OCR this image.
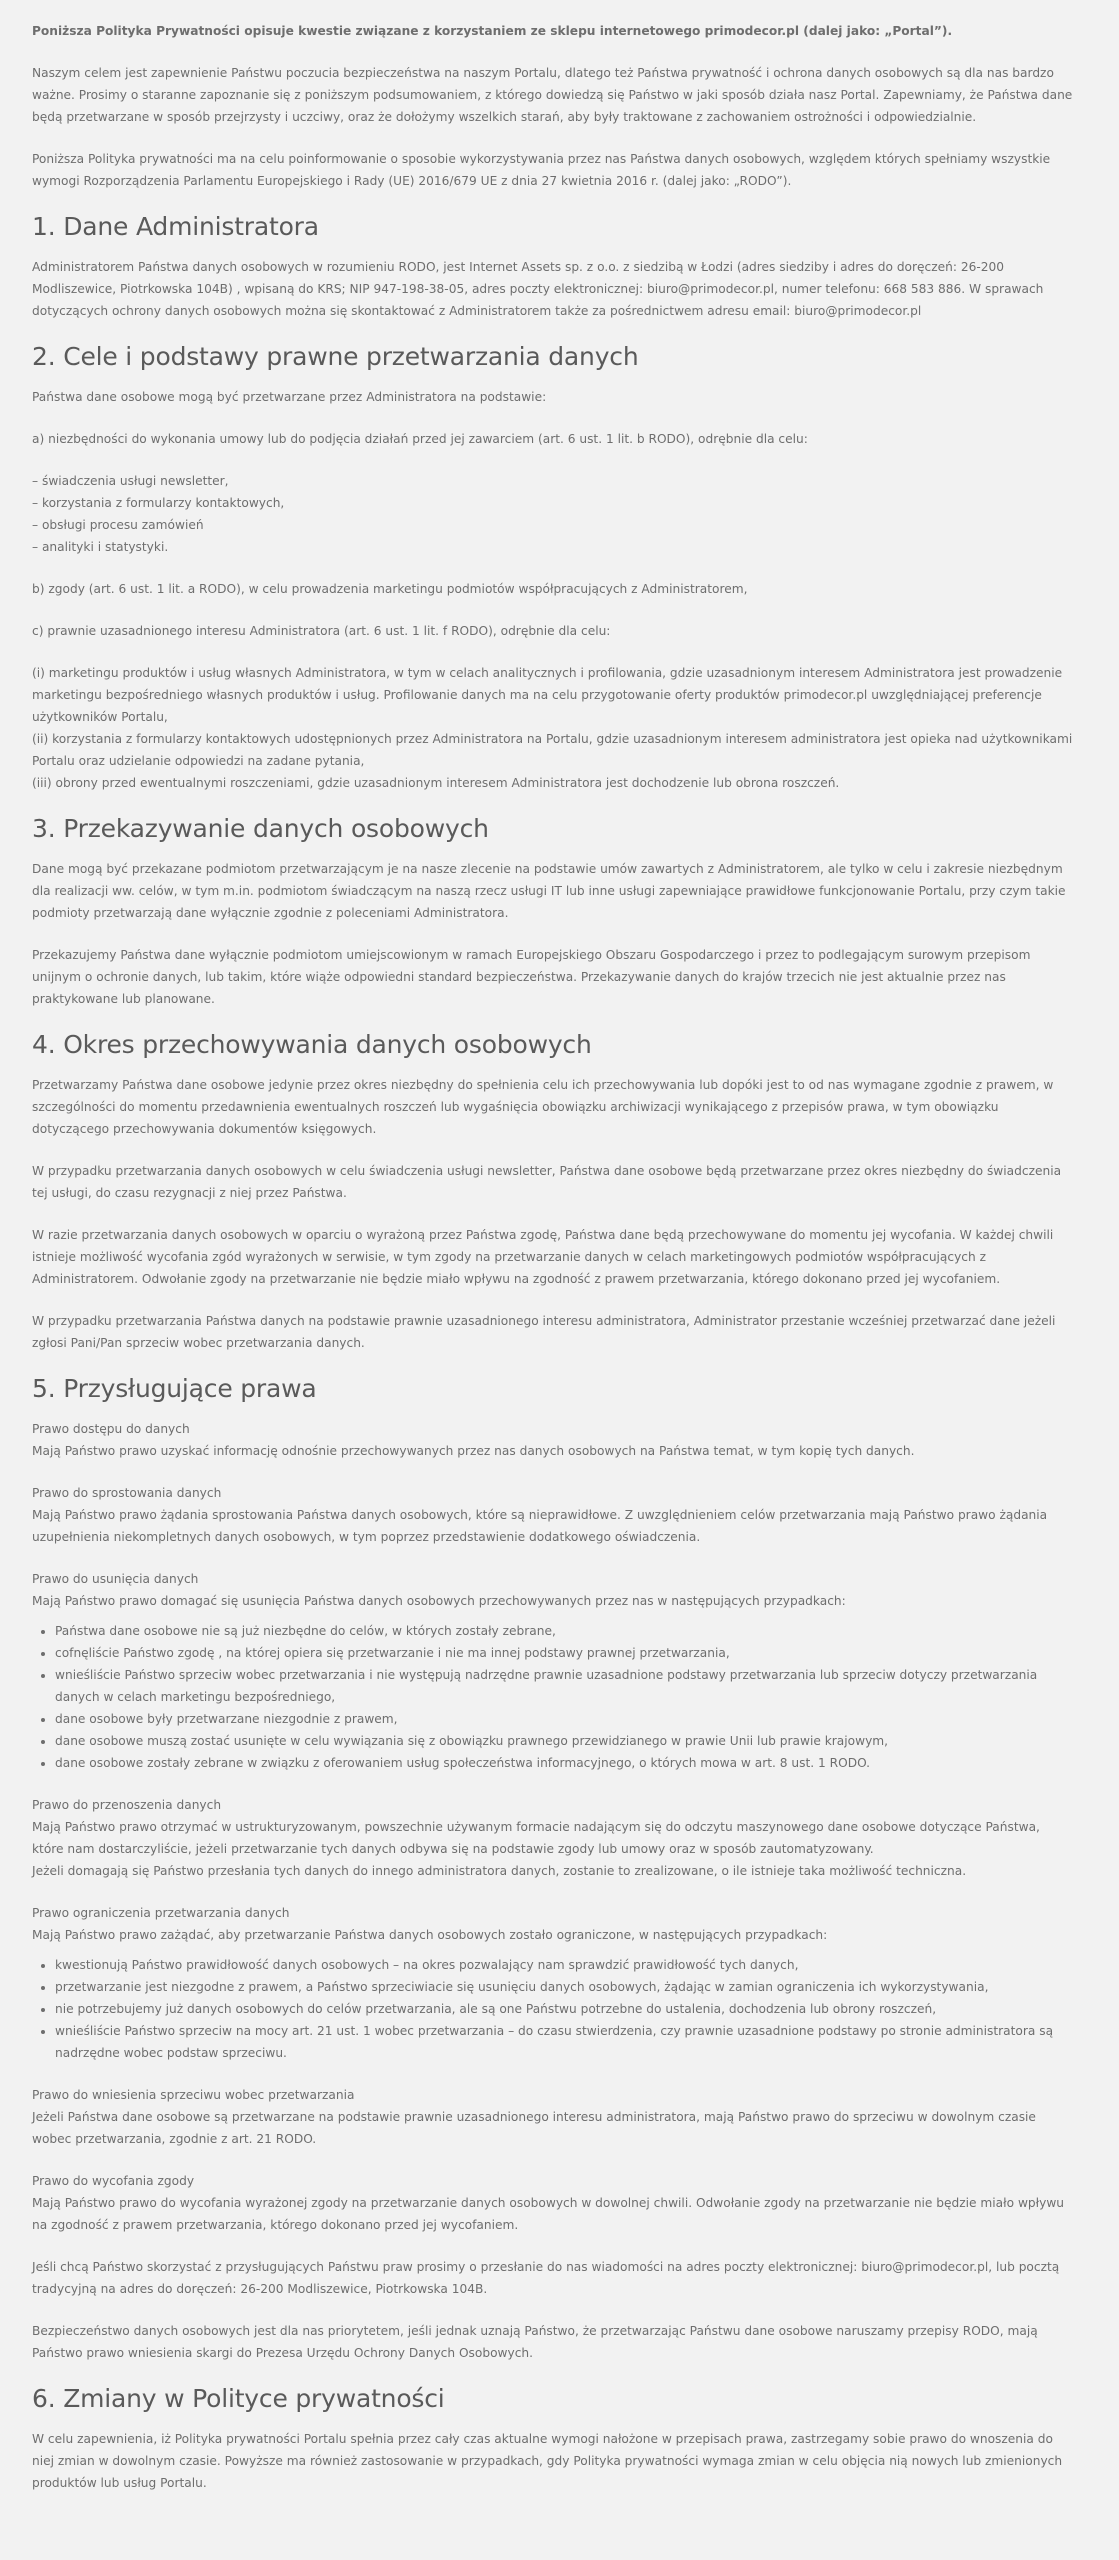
Poniższa Polityka Prywatności opisuje kwestie związane z korzystaniem ze sklepu internetowego primodecor.pl (dalej jako: „Portal”).

Naszym celem jest zapewnienie Państwu poczucia bezpieczeństwa na naszym Portalu, dlatego też Państwa prywatność i ochrona danych osobowych są dla nas bardzo ważne. Prosimy o staranne zapoznanie się z poniższym podsumowaniem, z którego dowiedzą się Państwo w jaki sposób działa nasz Portal. Zapewniamy, że Państwa dane będą przetwarzane w sposób przejrzysty i uczciwy, oraz że dołożymy wszelkich starań, aby były traktowane z zachowaniem ostrożności i odpowiedzialnie.

Poniższa Polityka prywatności ma na celu poinformowanie o sposobie wykorzystywania przez nas Państwa danych osobowych, względem których spełniamy wszystkie wymogi Rozporządzenia Parlamentu Europejskiego i Rady (UE) 2016/679 UE z dnia 27 kwietnia 2016 r. (dalej jako: „RODO”).

1. Dane Administratora

Administratorem Państwa danych osobowych w rozumieniu RODO, jest Internet Assets sp. z o.o. z siedzibą w Łodzi (adres siedziby i adres do doręczeń: 26-200 Modliszewice, Piotrkowska 104B) , wpisaną do KRS; NIP 947-198-38-05, adres poczty elektronicznej: biuro@primodecor.pl, numer telefonu: 668 583 886. W sprawach dotyczących ochrony danych osobowych można się skontaktować z Administratorem także za pośrednictwem adresu email: biuro@primodecor.pl

2. Cele i podstawy prawne przetwarzania danych

Państwa dane osobowe mogą być przetwarzane przez Administratora na podstawie:

a) niezbędności do wykonania umowy lub do podjęcia działań przed jej zawarciem (art. 6 ust. 1 lit. b RODO), odrębnie dla celu:

– świadczenia usługi newsletter,
– korzystania z formularzy kontaktowych,
– obsługi procesu zamówień
– analityki i statystyki.

b) zgody (art. 6 ust. 1 lit. a RODO), w celu prowadzenia marketingu podmiotów współpracujących z Administratorem,

c) prawnie uzasadnionego interesu Administratora (art. 6 ust. 1 lit. f RODO), odrębnie dla celu:

(i) marketingu produktów i usług własnych Administratora, w tym w celach analitycznych i profilowania, gdzie uzasadnionym interesem Administratora jest prowadzenie marketingu bezpośredniego własnych produktów i usług. Profilowanie danych ma na celu przygotowanie oferty produktów primodecor.pl uwzględniającej preferencje użytkowników Portalu,
(ii) korzystania z formularzy kontaktowych udostępnionych przez Administratora na Portalu, gdzie uzasadnionym interesem administratora jest opieka nad użytkownikami Portalu oraz udzielanie odpowiedzi na zadane pytania,
(iii) obrony przed ewentualnymi roszczeniami, gdzie uzasadnionym interesem Administratora jest dochodzenie lub obrona roszczeń.

3. Przekazywanie danych osobowych

Dane mogą być przekazane podmiotom przetwarzającym je na nasze zlecenie na podstawie umów zawartych z Administratorem, ale tylko w celu i zakresie niezbędnym dla realizacji ww. celów, w tym m.in. podmiotom świadczącym na naszą rzecz usługi IT lub inne usługi zapewniające prawidłowe funkcjonowanie Portalu, przy czym takie podmioty przetwarzają dane wyłącznie zgodnie z poleceniami Administratora.

Przekazujemy Państwa dane wyłącznie podmiotom umiejscowionym w ramach Europejskiego Obszaru Gospodarczego i przez to podlegającym surowym przepisom unijnym o ochronie danych, lub takim, które wiąże odpowiedni standard bezpieczeństwa. Przekazywanie danych do krajów trzecich nie jest aktualnie przez nas praktykowane lub planowane.

4. Okres przechowywania danych osobowych

Przetwarzamy Państwa dane osobowe jedynie przez okres niezbędny do spełnienia celu ich przechowywania lub dopóki jest to od nas wymagane zgodnie z prawem, w szczególności do momentu przedawnienia ewentualnych roszczeń lub wygaśnięcia obowiązku archiwizacji wynikającego z przepisów prawa, w tym obowiązku dotyczącego przechowywania dokumentów księgowych.

W przypadku przetwarzania danych osobowych w celu świadczenia usługi newsletter, Państwa dane osobowe będą przetwarzane przez okres niezbędny do świadczenia tej usługi, do czasu rezygnacji z niej przez Państwa.

W razie przetwarzania danych osobowych w oparciu o wyrażoną przez Państwa zgodę, Państwa dane będą przechowywane do momentu jej wycofania. W każdej chwili istnieje możliwość wycofania zgód wyrażonych w serwisie, w tym zgody na przetwarzanie danych w celach marketingowych podmiotów współpracujących z Administratorem. Odwołanie zgody na przetwarzanie nie będzie miało wpływu na zgodność z prawem przetwarzania, którego dokonano przed jej wycofaniem.

W przypadku przetwarzania Państwa danych na podstawie prawnie uzasadnionego interesu administratora, Administrator przestanie wcześniej przetwarzać dane jeżeli zgłosi Pani/Pan sprzeciw wobec przetwarzania danych.

5. Przysługujące prawa
Prawo dostępu do danych
Mają Państwo prawo uzyskać informację odnośnie przechowywanych przez nas danych osobowych na Państwa temat, w tym kopię tych danych.
Prawo do sprostowania danych
Mają Państwo prawo żądania sprostowania Państwa danych osobowych, które są nieprawidłowe. Z uwzględnieniem celów przetwarzania mają Państwo prawo żądania uzupełnienia niekompletnych danych osobowych, w tym poprzez przedstawienie dodatkowego oświadczenia.
Prawo do usunięcia danych
Mają Państwo prawo domagać się usunięcia Państwa danych osobowych przechowywanych przez nas w następujących przypadkach:
• Państwa dane osobowe nie są już niezbędne do celów, w których zostały zebrane,
• cofnęliście Państwo zgodę , na której opiera się przetwarzanie i nie ma innej podstawy prawnej przetwarzania,
• wnieśliście Państwo sprzeciw wobec przetwarzania i nie występują nadrzędne prawnie uzasadnione podstawy przetwarzania lub sprzeciw dotyczy przetwarzania danych w celach marketingu bezpośredniego,
• dane osobowe były przetwarzane niezgodnie z prawem,
• dane osobowe muszą zostać usunięte w celu wywiązania się z obowiązku prawnego przewidzianego w prawie Unii lub prawie krajowym,
• dane osobowe zostały zebrane w związku z oferowaniem usług społeczeństwa informacyjnego, o których mowa w art. 8 ust. 1 RODO.
Prawo do przenoszenia danych
Mają Państwo prawo otrzymać w ustrukturyzowanym, powszechnie używanym formacie nadającym się do odczytu maszynowego dane osobowe dotyczące Państwa, które nam dostarczyliście, jeżeli przetwarzanie tych danych odbywa się na podstawie zgody lub umowy oraz w sposób zautomatyzowany.
Jeżeli domagają się Państwo przesłania tych danych do innego administratora danych, zostanie to zrealizowane, o ile istnieje taka możliwość techniczna.
Prawo ograniczenia przetwarzania danych
Mają Państwo prawo zażądać, aby przetwarzanie Państwa danych osobowych zostało ograniczone, w następujących przypadkach:
• kwestionują Państwo prawidłowość danych osobowych – na okres pozwalający nam sprawdzić prawidłowość tych danych,
• przetwarzanie jest niezgodne z prawem, a Państwo sprzeciwiacie się usunięciu danych osobowych, żądając w zamian ograniczenia ich wykorzystywania,
• nie potrzebujemy już danych osobowych do celów przetwarzania, ale są one Państwu potrzebne do ustalenia, dochodzenia lub obrony roszczeń,
• wnieśliście Państwo sprzeciw na mocy art. 21 ust. 1 wobec przetwarzania – do czasu stwierdzenia, czy prawnie uzasadnione podstawy po stronie administratora są nadrzędne wobec podstaw sprzeciwu.
Prawo do wniesienia sprzeciwu wobec przetwarzania
Jeżeli Państwa dane osobowe są przetwarzane na podstawie prawnie uzasadnionego interesu administratora, mają Państwo prawo do sprzeciwu w dowolnym czasie wobec przetwarzania, zgodnie z art. 21 RODO.
Prawo do wycofania zgody
Mają Państwo prawo do wycofania wyrażonej zgody na przetwarzanie danych osobowych w dowolnej chwili. Odwołanie zgody na przetwarzanie nie będzie miało wpływu na zgodność z prawem przetwarzania, którego dokonano przed jej wycofaniem.

Jeśli chcą Państwo skorzystać z przysługujących Państwu praw prosimy o przesłanie do nas wiadomości na adres poczty elektronicznej: biuro@primodecor.pl, lub pocztą tradycyjną na adres do doręczeń: 26-200 Modliszewice, Piotrkowska 104B.

Bezpieczeństwo danych osobowych jest dla nas priorytetem, jeśli jednak uznają Państwo, że przetwarzając Państwu dane osobowe naruszamy przepisy RODO, mają Państwo prawo wniesienia skargi do Prezesa Urzędu Ochrony Danych Osobowych.

6. Zmiany w Polityce prywatności

W celu zapewnienia, iż Polityka prywatności Portalu spełnia przez cały czas aktualne wymogi nałożone w przepisach prawa, zastrzegamy sobie prawo do wnoszenia do niej zmian w dowolnym czasie. Powyższe ma również zastosowanie w przypadkach, gdy Polityka prywatności wymaga zmian w celu objęcia nią nowych lub zmienionych produktów lub usług Portalu.
